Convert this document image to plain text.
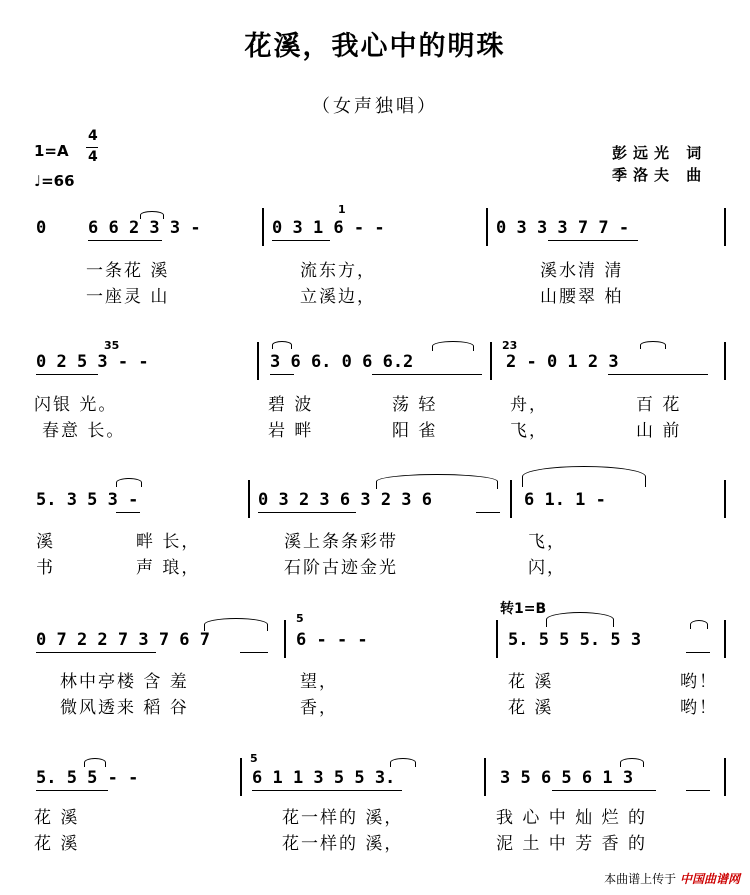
花溪，我心中的明珠
（女声独唱）
1=A
4
4
♩=66
彭远光 词
季洛夫 曲
1
0 6 6 2 3 3 -	0 3 1 6 - -	0 3 3 3 7 7 -
一条花 溪	流东方，	溪水清 清
一座灵 山	立溪边，	山腰翠 柏
35	23
0 2 5 3 - -	3 6 6. 0 6 6.2	2 - 0 1 2 3
闪银 光。	碧 波	荡 轻	舟，	百 花
春意 长。	岩 畔	阳 雀	飞，	山 前
5. 3 5 3 -	0 3 2 3 6 3 2 3 6	6 1. 1 -
溪	畔 长，	溪上条条彩带	飞，
书	声 琅，	石阶古迹金光	闪，
转1=B
5
0 7 2 2 7 3 7 6 7	6 - - -	5. 5 5 5. 5 3
林中亭楼 含 羞	望，	花 溪	哟！
微风透来 稻 谷	香，	花 溪	哟！
5
5. 5 5 - -	6 1 1 3 5 5 3.	3 5 6 5 6 1 3
花 溪	花一样的 溪，	我 心 中 灿 烂 的
花 溪	花一样的 溪，	泥 土 中 芳 香 的
本曲谱上传于 中国曲谱网
